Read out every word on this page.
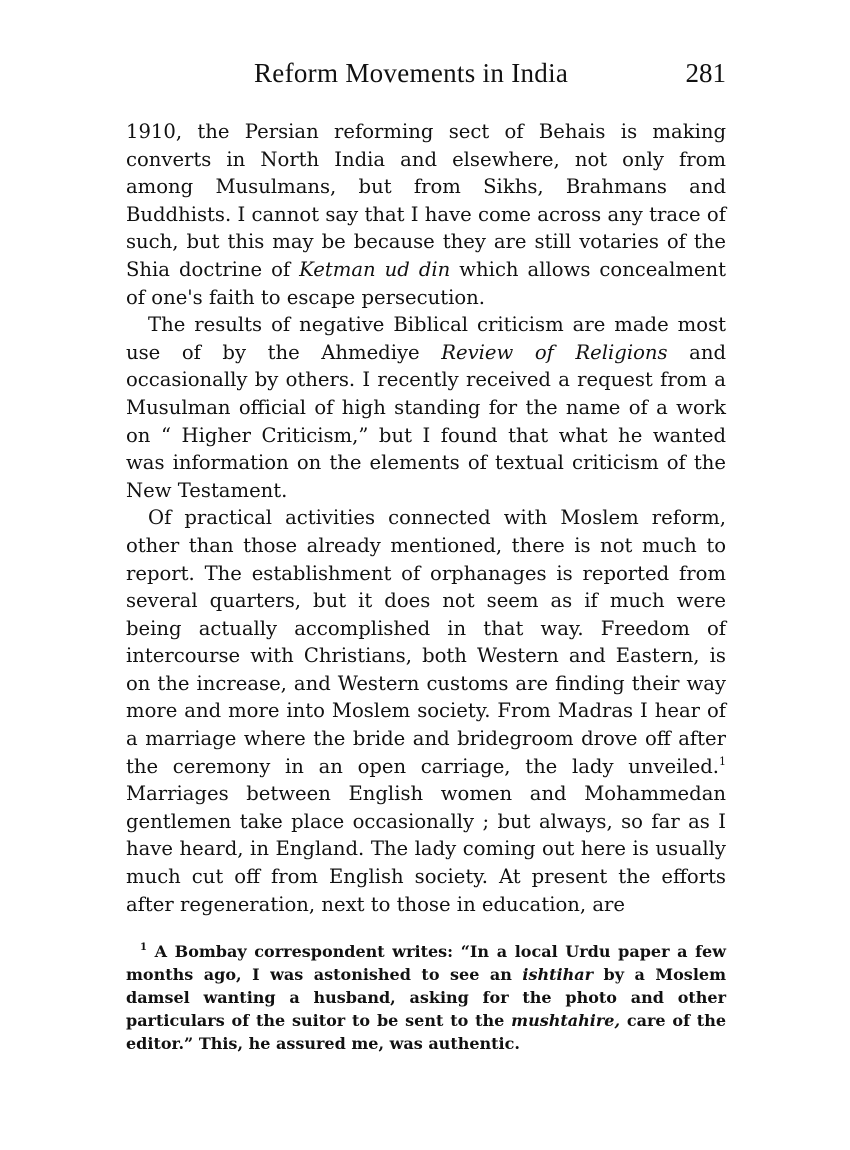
Reform Movements in India	281

1910, the Persian reforming sect of Behais is making converts in North India and elsewhere, not only from among Musulmans, but from Sikhs, Brahmans and Buddhists. I cannot say that I have come across any trace of such, but this may be because they are still votaries of the Shia doctrine of Ketman ud din which allows concealment of one's faith to escape persecution.

The results of negative Biblical criticism are made most use of by the Ahmediye Review of Religions and occasionally by others. I recently received a request from a Musulman official of high standing for the name of a work on “ Higher Criticism,” but I found that what he wanted was information on the elements of textual criticism of the New Testament.

Of practical activities connected with Moslem reform, other than those already mentioned, there is not much to report. The establishment of orphanages is reported from several quarters, but it does not seem as if much were being actually accomplished in that way. Freedom of intercourse with Christians, both Western and Eastern, is on the increase, and Western customs are finding their way more and more into Moslem society. From Madras I hear of a marriage where the bride and bridegroom drove off after the ceremony in an open carriage, the lady unveiled.$^1$ Marriages between English women and Mohammedan gentlemen take place occasionally ; but always, so far as I have heard, in England. The lady coming out here is usually much cut off from English society. At present the efforts after regeneration, next to those in education, are

$^1$ A Bombay correspondent writes: “In a local Urdu paper a few months ago, I was astonished to see an ishtihar by a Moslem damsel wanting a husband, asking for the photo and other particulars of the suitor to be sent to the mushtahire, care of the editor.” This, he assured me, was authentic.
